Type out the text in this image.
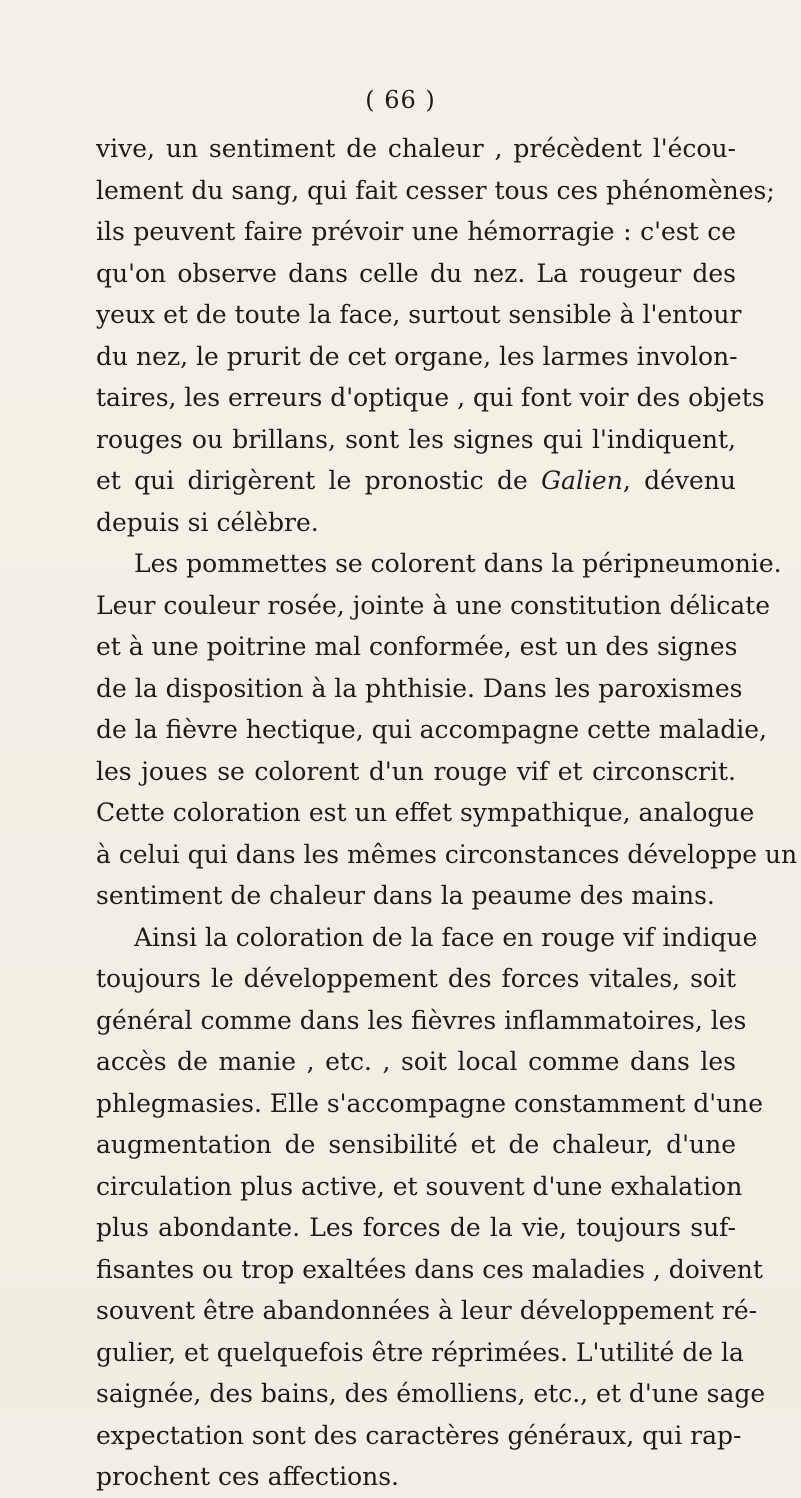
( 66 )
vive, un sentiment de chaleur , précèdent l'écou-
lement du sang, qui fait cesser tous ces phénomènes;
ils peuvent faire prévoir une hémorragie : c'est ce
qu'on observe dans celle du nez. La rougeur des
yeux et de toute la face, surtout sensible à l'entour
du nez, le prurit de cet organe, les larmes involon-
taires, les erreurs d'optique , qui font voir des objets
rouges ou brillans, sont les signes qui l'indiquent,
et qui dirigèrent le pronostic de Galien, dévenu
depuis si célèbre.
Les pommettes se colorent dans la péripneumonie.
Leur couleur rosée, jointe à une constitution délicate
et à une poitrine mal conformée, est un des signes
de la disposition à la phthisie. Dans les paroxismes
de la fièvre hectique, qui accompagne cette maladie,
les joues se colorent d'un rouge vif et circonscrit.
Cette coloration est un effet sympathique, analogue
à celui qui dans les mêmes circonstances développe un
sentiment de chaleur dans la peaume des mains.
Ainsi la coloration de la face en rouge vif indique
toujours le développement des forces vitales, soit
général comme dans les fièvres inflammatoires, les
accès de manie , etc. , soit local comme dans les
phlegmasies. Elle s'accompagne constamment d'une
augmentation de sensibilité et de chaleur, d'une
circulation plus active, et souvent d'une exhalation
plus abondante. Les forces de la vie, toujours suf-
fisantes ou trop exaltées dans ces maladies , doivent
souvent être abandonnées à leur développement ré-
gulier, et quelquefois être réprimées. L'utilité de la
saignée, des bains, des émolliens, etc., et d'une sage
expectation sont des caractères généraux, qui rap-
prochent ces affections.
